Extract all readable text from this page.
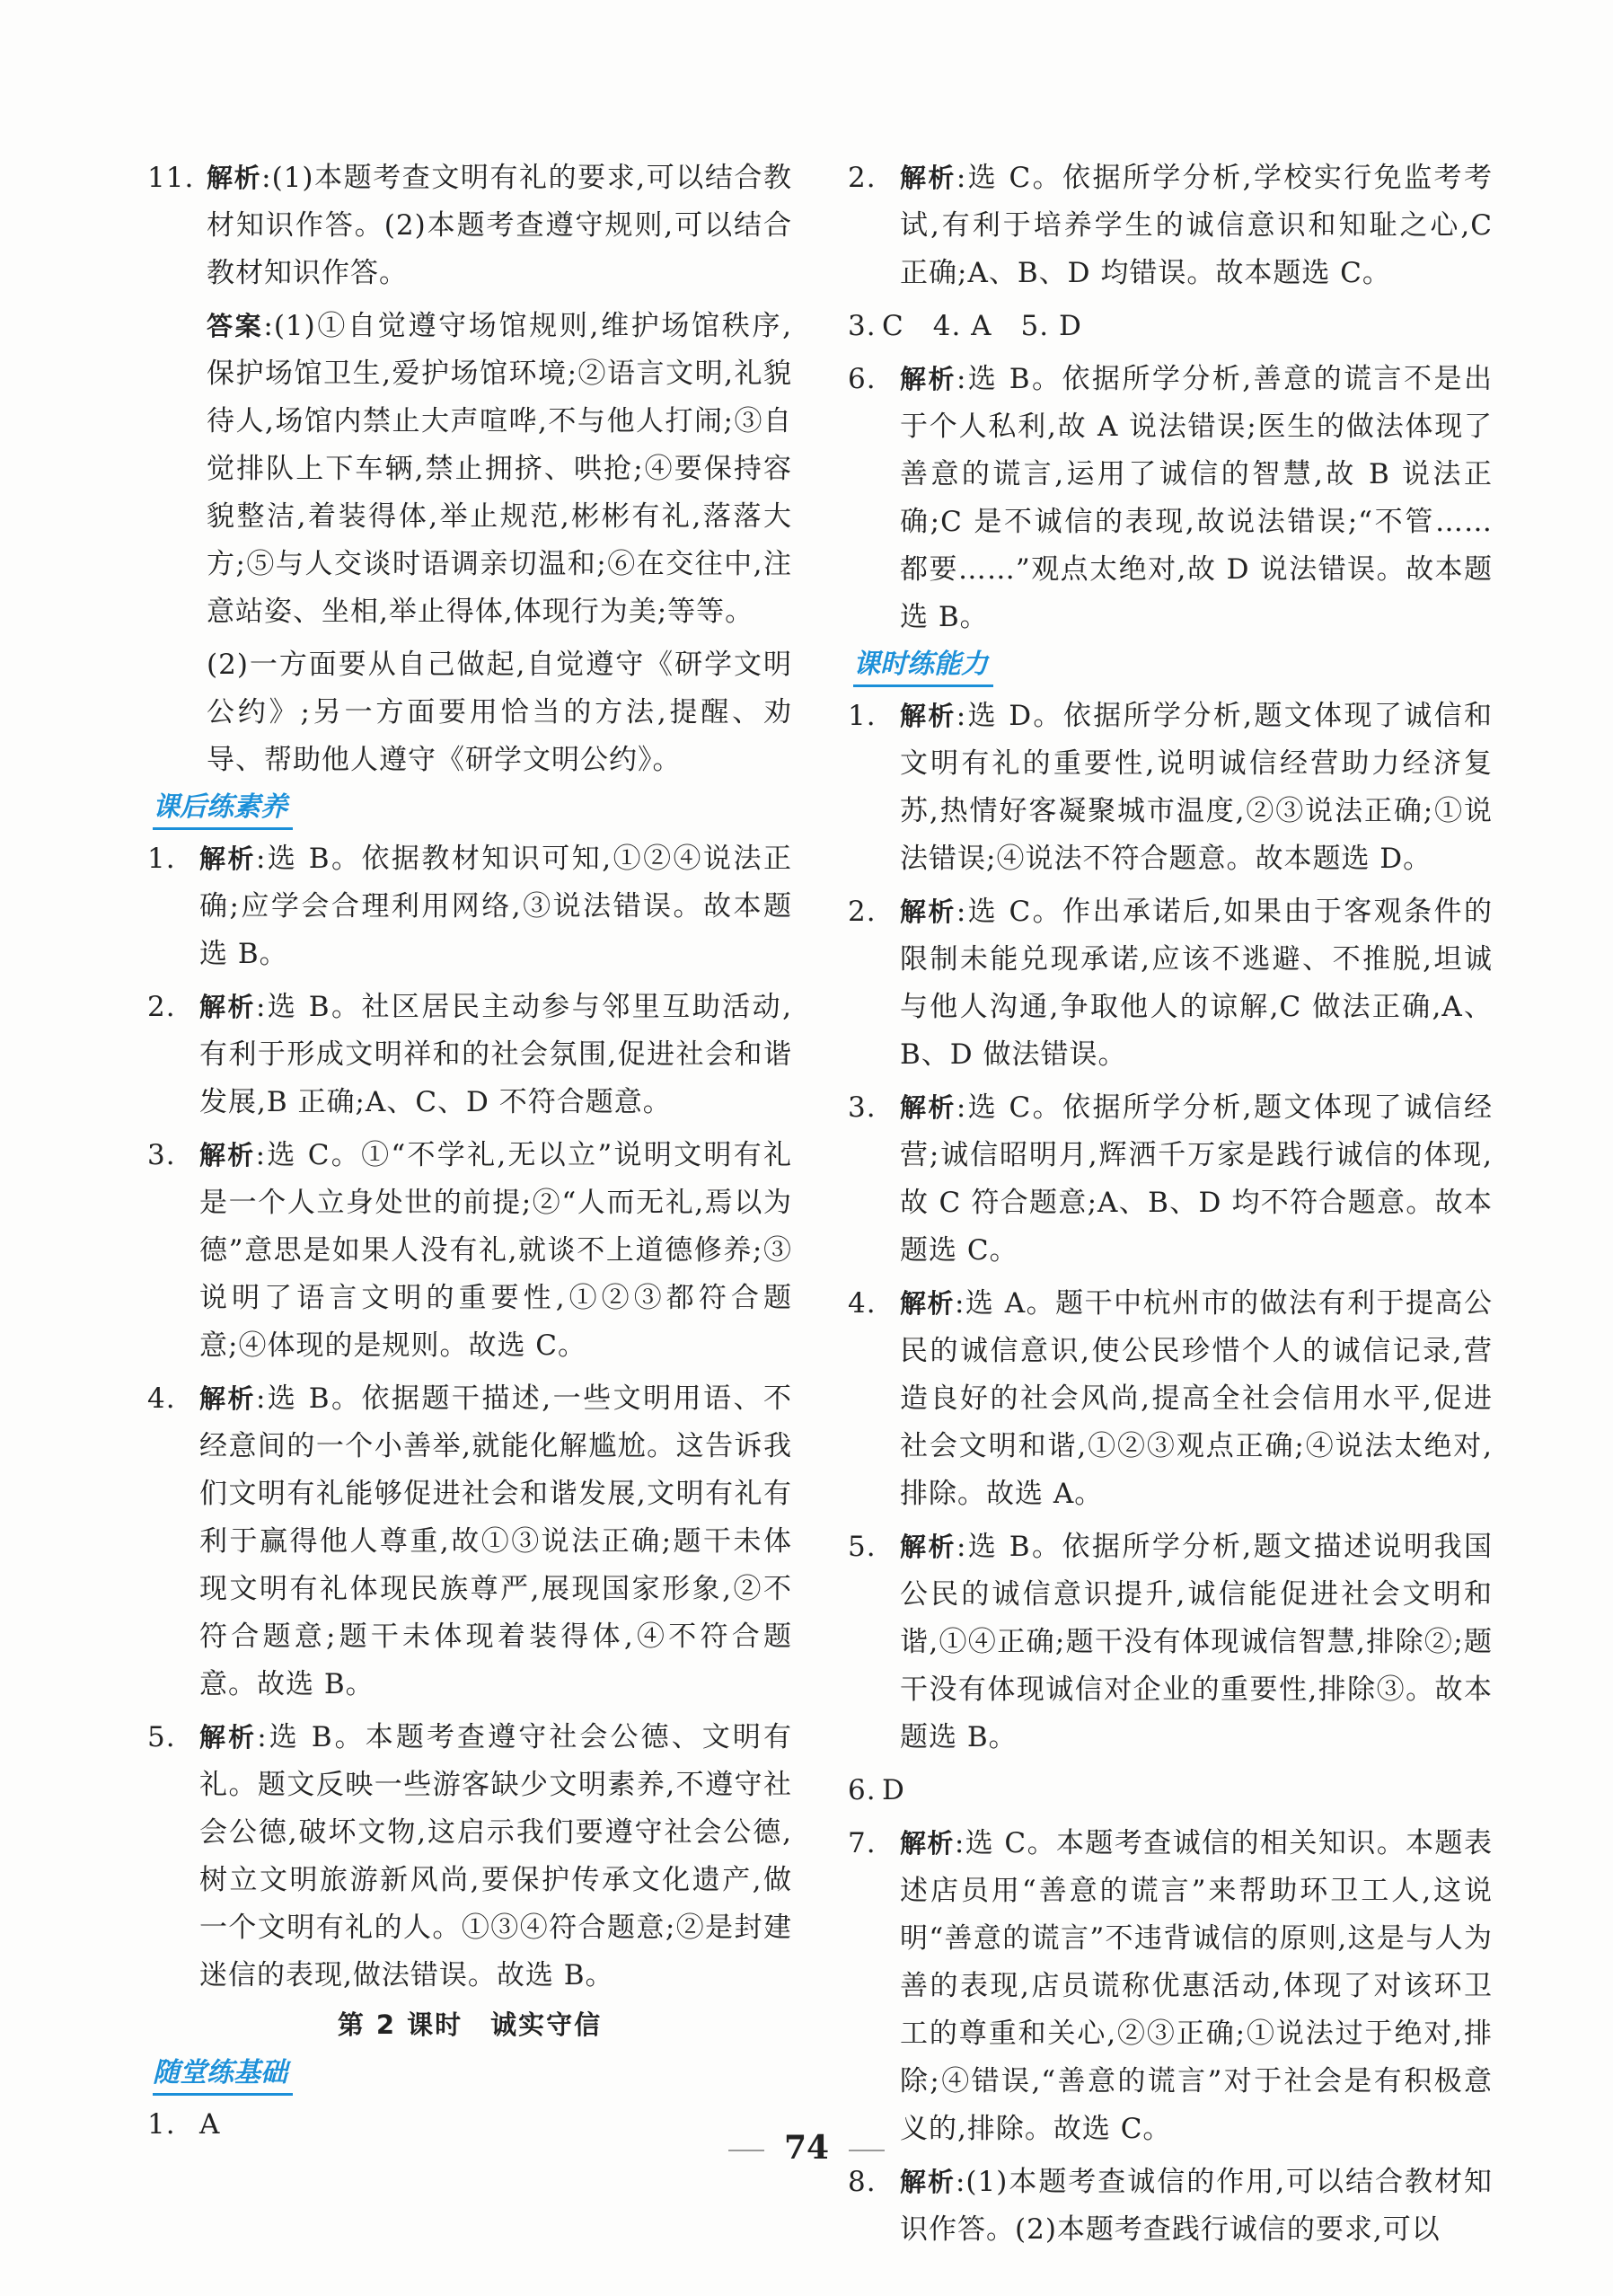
11. 解析:(1)本题考查文明有礼的要求,可以结合教材知识作答。(2)本题考查遵守规则,可以结合教材知识作答。
答案:(1)①自觉遵守场馆规则,维护场馆秩序,保护场馆卫生,爱护场馆环境;②语言文明,礼貌待人,场馆内禁止大声喧哗,不与他人打闹;③自觉排队上下车辆,禁止拥挤、哄抢;④要保持容貌整洁,着装得体,举止规范,彬彬有礼,落落大方;⑤与人交谈时语调亲切温和;⑥在交往中,注意站姿、坐相,举止得体,体现行为美;等等。
(2)一方面要从自己做起,自觉遵守《研学文明公约》;另一方面要用恰当的方法,提醒、劝导、帮助他人遵守《研学文明公约》。
课后练素养
1. 解析:选 B。依据教材知识可知,①②④说法正确;应学会合理利用网络,③说法错误。故本题选 B。
2. 解析:选 B。社区居民主动参与邻里互助活动,有利于形成文明祥和的社会氛围,促进社会和谐发展,B 正确;A、C、D 不符合题意。
3. 解析:选 C。①“不学礼,无以立”说明文明有礼是一个人立身处世的前提;②“人而无礼,焉以为德”意思是如果人没有礼,就谈不上道德修养;③说明了语言文明的重要性,①②③都符合题意;④体现的是规则。故选 C。
4. 解析:选 B。依据题干描述,一些文明用语、不经意间的一个小善举,就能化解尴尬。这告诉我们文明有礼能够促进社会和谐发展,文明有礼有利于赢得他人尊重,故①③说法正确;题干未体现文明有礼体现民族尊严,展现国家形象,②不符合题意;题干未体现着装得体,④不符合题意。故选 B。
5. 解析:选 B。本题考查遵守社会公德、文明有礼。题文反映一些游客缺少文明素养,不遵守社会公德,破坏文物,这启示我们要遵守社会公德,树立文明旅游新风尚,要保护传承文化遗产,做一个文明有礼的人。①③④符合题意;②是封建迷信的表现,做法错误。故选 B。
第 2 课时　诚实守信
随堂练基础
1. A
2. 解析:选 C。依据所学分析,学校实行免监考考试,有利于培养学生的诚信意识和知耻之心,C 正确;A、B、D 均错误。故本题选 C。
3. C　4. A　5. D
6. 解析:选 B。依据所学分析,善意的谎言不是出于个人私利,故 A 说法错误;医生的做法体现了善意的谎言,运用了诚信的智慧,故 B 说法正确;C 是不诚信的表现,故说法错误;“不管……都要……”观点太绝对,故 D 说法错误。故本题选 B。
课时练能力
1. 解析:选 D。依据所学分析,题文体现了诚信和文明有礼的重要性,说明诚信经营助力经济复苏,热情好客凝聚城市温度,②③说法正确;①说法错误;④说法不符合题意。故本题选 D。
2. 解析:选 C。作出承诺后,如果由于客观条件的限制未能兑现承诺,应该不逃避、不推脱,坦诚与他人沟通,争取他人的谅解,C 做法正确,A、B、D 做法错误。
3. 解析:选 C。依据所学分析,题文体现了诚信经营;诚信昭明月,辉洒千万家是践行诚信的体现,故 C 符合题意;A、B、D 均不符合题意。故本题选 C。
4. 解析:选 A。题干中杭州市的做法有利于提高公民的诚信意识,使公民珍惜个人的诚信记录,营造良好的社会风尚,提高全社会信用水平,促进社会文明和谐,①②③观点正确;④说法太绝对,排除。故选 A。
5. 解析:选 B。依据所学分析,题文描述说明我国公民的诚信意识提升,诚信能促进社会文明和谐,①④正确;题干没有体现诚信智慧,排除②;题干没有体现诚信对企业的重要性,排除③。故本题选 B。
6. D
7. 解析:选 C。本题考查诚信的相关知识。本题表述店员用“善意的谎言”来帮助环卫工人,这说明“善意的谎言”不违背诚信的原则,这是与人为善的表现,店员谎称优惠活动,体现了对该环卫工的尊重和关心,②③正确;①说法过于绝对,排除;④错误,“善意的谎言”对于社会是有积极意义的,排除。故选 C。
8. 解析:(1)本题考查诚信的作用,可以结合教材知识作答。(2)本题考查践行诚信的要求,可以
74
